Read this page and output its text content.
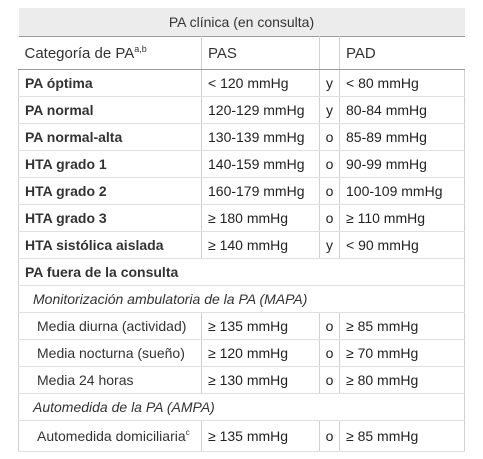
PA clínica (en consulta)			
Categoría de PA$^{a,b}$	PAS		PAD
PA óptima	< 120 mmHg	y	< 80 mmHg
PA normal	120-129 mmHg	y	80-84 mmHg
PA normal-alta	130-139 mmHg	o	85-89 mmHg
HTA grado 1	140-159 mmHg	o	90-99 mmHg
HTA grado 2	160-179 mmHg	o	100-109 mmHg
HTA grado 3	≥ 180 mmHg	o	≥ 110 mmHg
HTA sistólica aislada	≥ 140 mmHg	y	< 90 mmHg
PA fuera de la consulta			
Monitorización ambulatoria de la PA (MAPA)			
Media diurna (actividad)	≥ 135 mmHg	o	≥ 85 mmHg
Media nocturna (sueño)	≥ 120 mmHg	o	≥ 70 mmHg
Media 24 horas	≥ 130 mmHg	o	≥ 80 mmHg
Automedida de la PA (AMPA)			
Automedida domiciliaria$^c$	≥ 135 mmHg	o	≥ 85 mmHg
